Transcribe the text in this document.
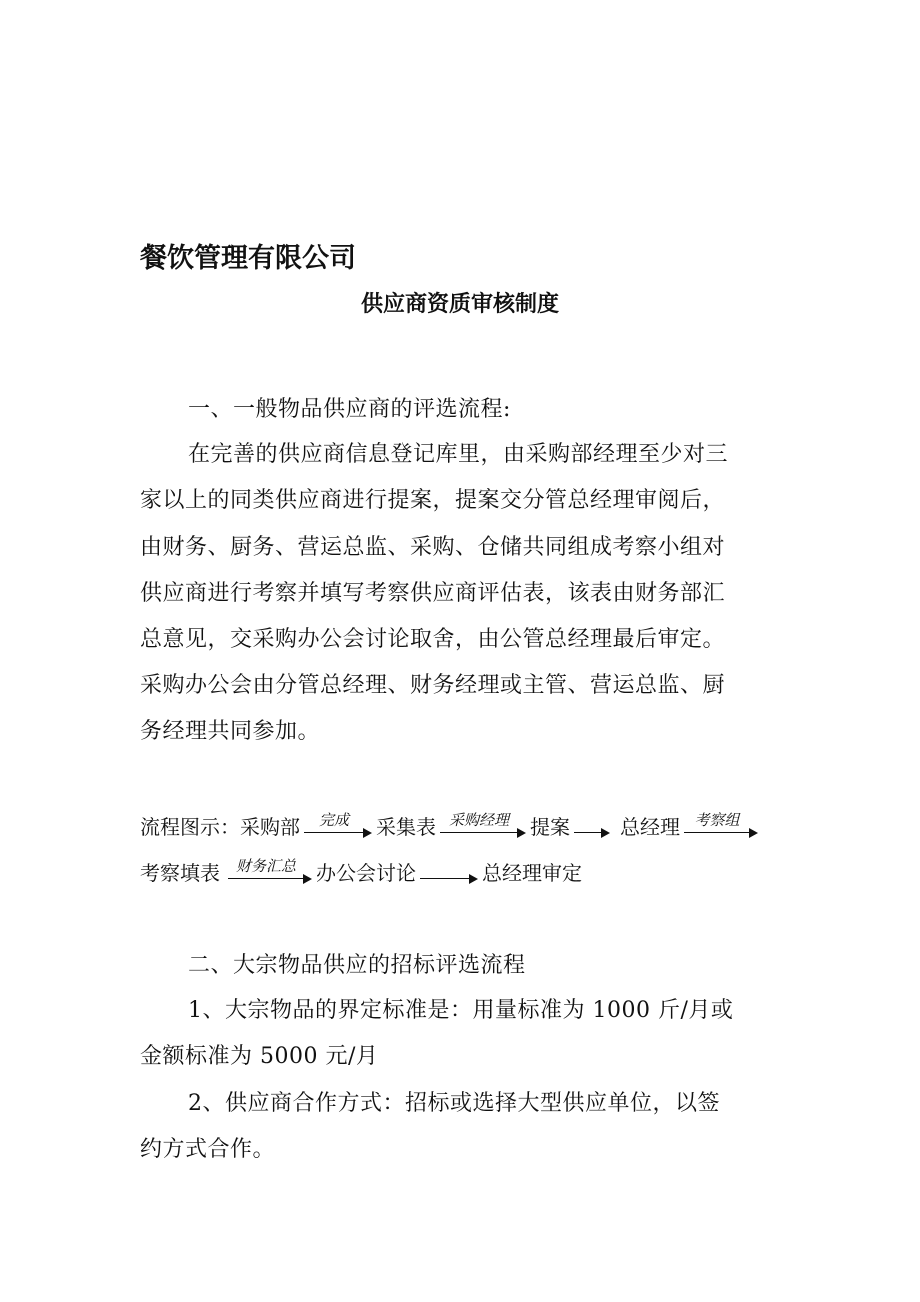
餐饮管理有限公司
供应商资质审核制度
一、一般物品供应商的评选流程:
在完善的供应商信息登记库里，由采购部经理至少对三
家以上的同类供应商进行提案，提案交分管总经理审阅后，
由财务、厨务、营运总监、采购、仓储共同组成考察小组对
供应商进行考察并填写考察供应商评估表，该表由财务部汇
总意见，交采购办公会讨论取舍，由公管总经理最后审定。
采购办公会由分管总经理、财务经理或主管、营运总监、厨
务经理共同参加。
流程图示： 采购部	完成	采集表 采购经理	提案	总经理 考察组
考察填表	财务汇总	办公会讨论	总经理审定
二、大宗物品供应的招标评选流程
1、大宗物品的界定标准是：用量标准为 1000 斤/月或
金额标准为 5000 元/月
2、供应商合作方式：招标或选择大型供应单位，以签
约方式合作。
